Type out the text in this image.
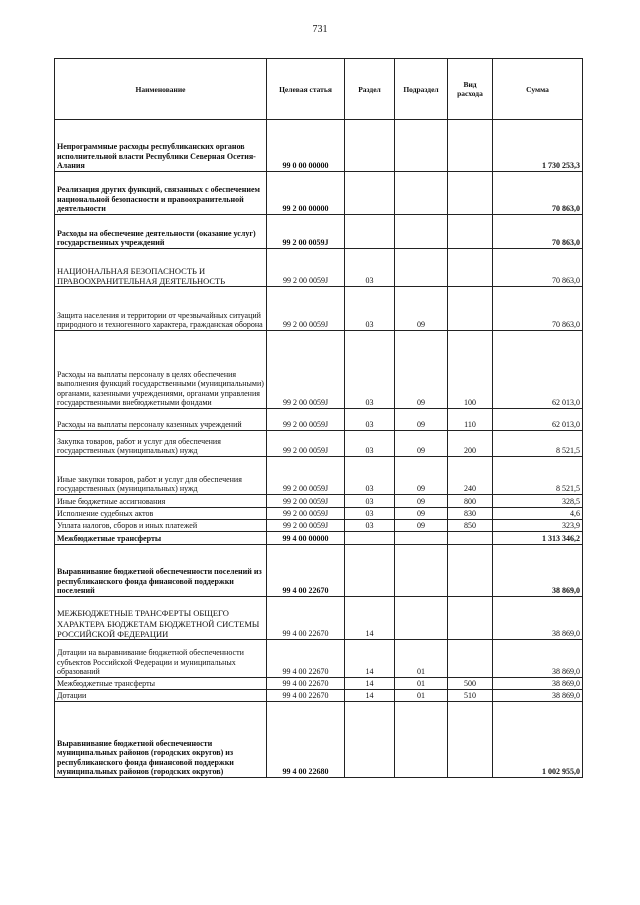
731
Наименование	Целевая статья	Раздел	Подраздел	Вид расхода	Сумма
Непрограммные расходы республиканских органов исполнительной власти Республики Северная Осетия-Алания	99 0 00 00000				1 730 253,3
Реализация других функций, связанных с обеспечением национальной безопасности и правоохранительной деятельности	99 2 00 00000				70 863,0
Расходы на обеспечение деятельности (оказание услуг) государственных учреждений	99 2 00 0059J				70 863,0
НАЦИОНАЛЬНАЯ БЕЗОПАСНОСТЬ И ПРАВООХРАНИТЕЛЬНАЯ ДЕЯТЕЛЬНОСТЬ	99 2 00 0059J	03			70 863,0
Защита населения и территории от чрезвычайных ситуаций природного и техногенного характера, гражданская оборона	99 2 00 0059J	03	09		70 863,0
Расходы на выплаты персоналу в целях обеспечения выполнения функций государственными (муниципальными) органами, казенными учреждениями, органами управления государственными внебюджетными фондами	99 2 00 0059J	03	09	100	62 013,0
Расходы на выплаты персоналу казенных учреждений	99 2 00 0059J	03	09	110	62 013,0
Закупка товаров, работ и услуг для обеспечения государственных (муниципальных) нужд	99 2 00 0059J	03	09	200	8 521,5
Иные закупки товаров, работ и услуг для обеспечения государственных (муниципальных) нужд	99 2 00 0059J	03	09	240	8 521,5
Иные бюджетные ассигнования	99 2 00 0059J	03	09	800	328,5
Исполнение судебных актов	99 2 00 0059J	03	09	830	4,6
Уплата налогов, сборов и иных платежей	99 2 00 0059J	03	09	850	323,9
Межбюджетные трансферты	99 4 00 00000				1 313 346,2
Выравнивание бюджетной обеспеченности поселений из республиканского фонда финансовой поддержки поселений	99 4 00 22670				38 869,0
МЕЖБЮДЖЕТНЫЕ ТРАНСФЕРТЫ ОБЩЕГО ХАРАКТЕРА БЮДЖЕТАМ БЮДЖЕТНОЙ СИСТЕМЫ РОССИЙСКОЙ ФЕДЕРАЦИИ	99 4 00 22670	14			38 869,0
Дотации на выравнивание бюджетной обеспеченности субъектов Российской Федерации и муниципальных образований	99 4 00 22670	14	01		38 869,0
Межбюджетные трансферты	99 4 00 22670	14	01	500	38 869,0
Дотации	99 4 00 22670	14	01	510	38 869,0
Выравнивание бюджетной обеспеченности муниципальных районов (городских округов) из республиканского фонда финансовой поддержки муниципальных районов (городских округов)	99 4 00 22680				1 002 955,0
